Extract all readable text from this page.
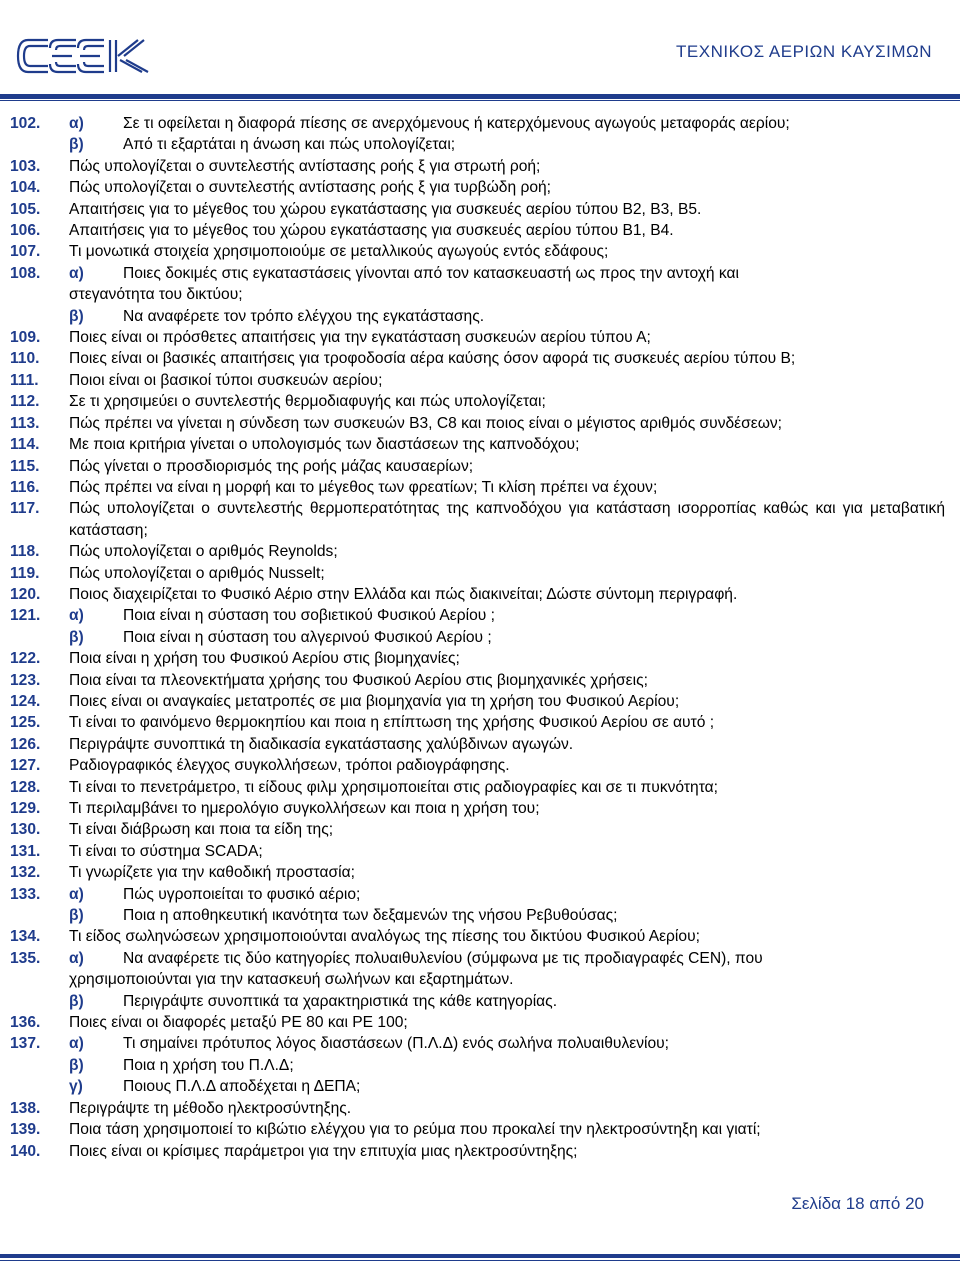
ΤΕΧΝΙΚΟΣ ΑΕΡΙΩΝ ΚΑΥΣΙΜΩΝ
102.	α)	Σε τι οφείλεται η διαφορά πίεσης σε ανερχόμενους ή κατερχόμενους αγωγούς μεταφοράς αερίου;
β)	Από τι εξαρτάται η άνωση και πώς υπολογίζεται;
103.	Πώς υπολογίζεται ο συντελεστής αντίστασης ροής ξ για στρωτή ροή;
104.	Πώς υπολογίζεται ο συντελεστής αντίστασης ροής ξ για τυρβώδη ροή;
105.	Απαιτήσεις για το μέγεθος του χώρου εγκατάστασης για συσκευές αερίου τύπου Β2, Β3, Β5.
106.	Απαιτήσεις για το μέγεθος του χώρου εγκατάστασης για συσκευές αερίου τύπου Β1, Β4.
107.	Τι μονωτικά στοιχεία χρησιμοποιούμε σε μεταλλικούς αγωγούς εντός εδάφους;
108.	α)	Ποιες δοκιμές στις εγκαταστάσεις γίνονται από τον κατασκευαστή ως προς την αντοχή και
στεγανότητα του δικτύου;
β)	Να αναφέρετε τον τρόπο ελέγχου της εγκατάστασης.
109.	Ποιες είναι οι πρόσθετες απαιτήσεις για την εγκατάσταση συσκευών αερίου τύπου Α;
110.	Ποιες είναι οι βασικές απαιτήσεις για τροφοδοσία αέρα καύσης όσον αφορά τις συσκευές αερίου τύπου Β;
111.	Ποιοι είναι οι βασικοί τύποι συσκευών αερίου;
112.	Σε τι χρησιμεύει ο συντελεστής θερμοδιαφυγής και πώς υπολογίζεται;
113.	Πώς πρέπει να γίνεται η σύνδεση των συσκευών Β3, C8 και ποιος είναι ο μέγιστος αριθμός συνδέσεων;
114.	Με ποια κριτήρια γίνεται ο υπολογισμός των διαστάσεων της καπνοδόχου;
115.	Πώς γίνεται ο προσδιορισμός της ροής μάζας καυσαερίων;
116.	Πώς πρέπει να είναι η μορφή και το μέγεθος των φρεατίων; Τι κλίση πρέπει να έχουν;
117.	Πώς υπολογίζεται ο συντελεστής θερμοπερατότητας της καπνοδόχου για κατάσταση ισορροπίας καθώς και για μεταβατική κατάσταση;
118.	Πώς υπολογίζεται ο αριθμός Reynolds;
119.	Πώς υπολογίζεται ο αριθμός Nusselt;
120.	Ποιος διαχειρίζεται το Φυσικό Αέριο στην Ελλάδα και πώς διακινείται; Δώστε σύντομη περιγραφή.
121.	α)	Ποια είναι η σύσταση του σοβιετικού Φυσικού Αερίου ;
β)	Ποια είναι η σύσταση του αλγερινού Φυσικού Αερίου ;
122.	Ποια είναι η χρήση του Φυσικού Αερίου στις βιομηχανίες;
123.	Ποια είναι τα πλεονεκτήματα χρήσης του Φυσικού Αερίου στις βιομηχανικές χρήσεις;
124.	Ποιες είναι οι αναγκαίες μετατροπές σε μια βιομηχανία για τη χρήση του Φυσικού Αερίου;
125.	Τι είναι το φαινόμενο θερμοκηπίου και ποια η επίπτωση της χρήσης Φυσικού Αερίου σε αυτό ;
126.	Περιγράψτε συνοπτικά τη διαδικασία εγκατάστασης χαλύβδινων αγωγών.
127.	Ραδιογραφικός έλεγχος συγκολλήσεων, τρόποι ραδιογράφησης.
128.	Τι είναι το πενετράμετρο, τι είδους φιλμ χρησιμοποιείται στις ραδιογραφίες και σε τι πυκνότητα;
129.	Τι περιλαμβάνει το ημερολόγιο συγκολλήσεων και ποια η χρήση του;
130.	Τι είναι διάβρωση και ποια τα είδη της;
131.	Τι είναι το σύστημα SCADA;
132.	Τι γνωρίζετε για την καθοδική προστασία;
133.	α)	Πώς υγροποιείται το φυσικό αέριο;
β)	Ποια η αποθηκευτική ικανότητα των δεξαμενών της νήσου Ρεβυθούσας;
134.	Τι είδος σωληνώσεων χρησιμοποιούνται αναλόγως της πίεσης του δικτύου Φυσικού Αερίου;
135.	α)	Να αναφέρετε τις δύο κατηγορίες πολυαιθυλενίου (σύμφωνα με τις προδιαγραφές CEN), που
χρησιμοποιούνται για την κατασκευή σωλήνων και εξαρτημάτων.
β)	Περιγράψτε συνοπτικά τα χαρακτηριστικά της κάθε κατηγορίας.
136.	Ποιες είναι οι διαφορές μεταξύ PE 80 και PE 100;
137.	α)	Τι σημαίνει πρότυπος λόγος διαστάσεων (Π.Λ.Δ) ενός σωλήνα πολυαιθυλενίου;
β)	Ποια η χρήση του Π.Λ.Δ;
γ)	Ποιους Π.Λ.Δ αποδέχεται η ΔΕΠΑ;
138.	Περιγράψτε τη μέθοδο ηλεκτροσύντηξης.
139.	Ποια τάση χρησιμοποιεί το κιβώτιο ελέγχου για το ρεύμα που προκαλεί την ηλεκτροσύντηξη και γιατί;
140.	Ποιες είναι οι κρίσιμες παράμετροι για την επιτυχία μιας ηλεκτροσύντηξης;
Σελίδα 18 από 20
